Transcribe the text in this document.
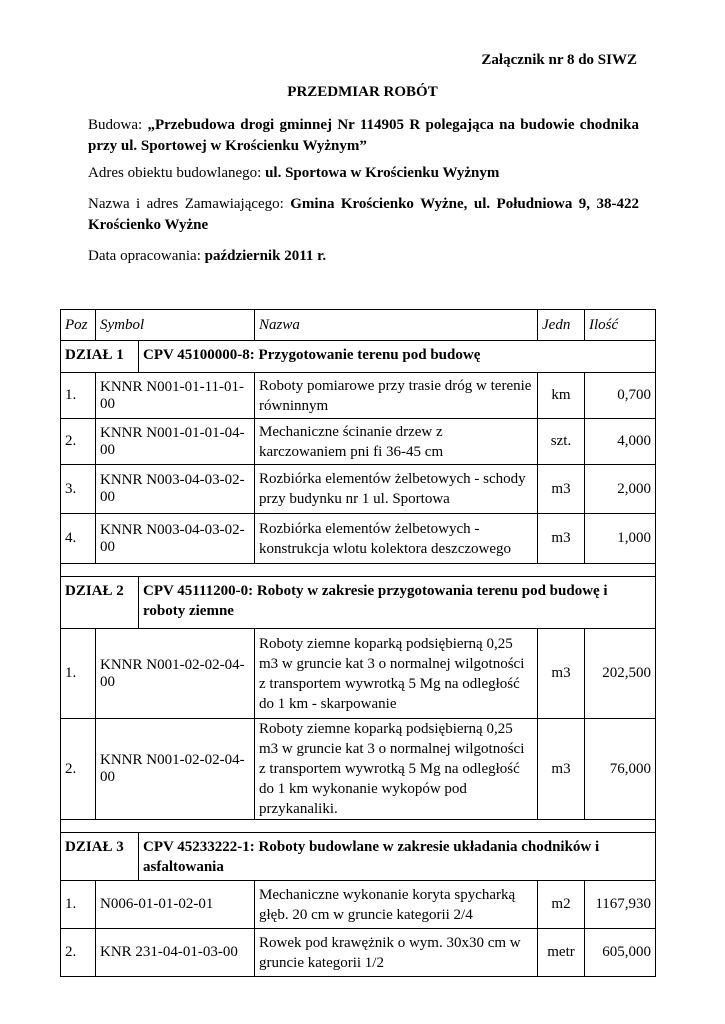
Załącznik nr 8 do SIWZ
PRZEDMIAR ROBÓT
Budowa: „Przebudowa drogi gminnej Nr 114905 R polegająca na budowie chodnika przy ul. Sportowej w Krościenku Wyżnym”
Adres obiektu budowlanego: ul. Sportowa w Krościenku Wyżnym
Nazwa i adres Zamawiającego: Gmina Krościenko Wyżne, ul. Południowa 9, 38-422 Krościenko Wyżne
Data opracowania: październik 2011 r.
Poz	Symbol		Nazwa	Jedn	Ilość
DZIAŁ 1		CPV 45100000-8: Przygotowanie terenu pod budowę			
1.	KNNR N001-01-11-01-00		Roboty pomiarowe przy trasie dróg w terenie równinnym	km	0,700
2.	KNNR N001-01-01-04-00		Mechaniczne ścinanie drzew z karczowaniem pni fi 36-45 cm	szt.	4,000
3.	KNNR N003-04-03-02-00		Rozbiórka elementów żelbetowych - schody przy budynku nr 1 ul. Sportowa	m3	2,000
4.	KNNR N003-04-03-02-00		Rozbiórka elementów żelbetowych - konstrukcja wlotu kolektora deszczowego	m3	1,000

DZIAŁ 2		CPV 45111200-0: Roboty w zakresie przygotowania terenu pod budowę i roboty ziemne			
1.	KNNR N001-02-02-04-00		Roboty ziemne koparką podsiębierną 0,25 m3 w gruncie kat 3 o normalnej wilgotności z transportem wywrotką 5 Mg na odległość do 1 km - skarpowanie	m3	202,500
2.	KNNR N001-02-02-04-00		Roboty ziemne koparką podsiębierną 0,25 m3 w gruncie kat 3 o normalnej wilgotności z transportem wywrotką 5 Mg na odległość do 1 km wykonanie wykopów pod przykanaliki.	m3	76,000

DZIAŁ 3		CPV 45233222-1: Roboty budowlane w zakresie układania chodników i asfaltowania			
1.	N006-01-01-02-01		Mechaniczne wykonanie koryta spycharką głęb. 20 cm w gruncie kategorii 2/4	m2	1167,930
2.	KNR 231-04-01-03-00		Rowek pod krawężnik o wym. 30x30 cm w gruncie kategorii 1/2	metr	605,000
